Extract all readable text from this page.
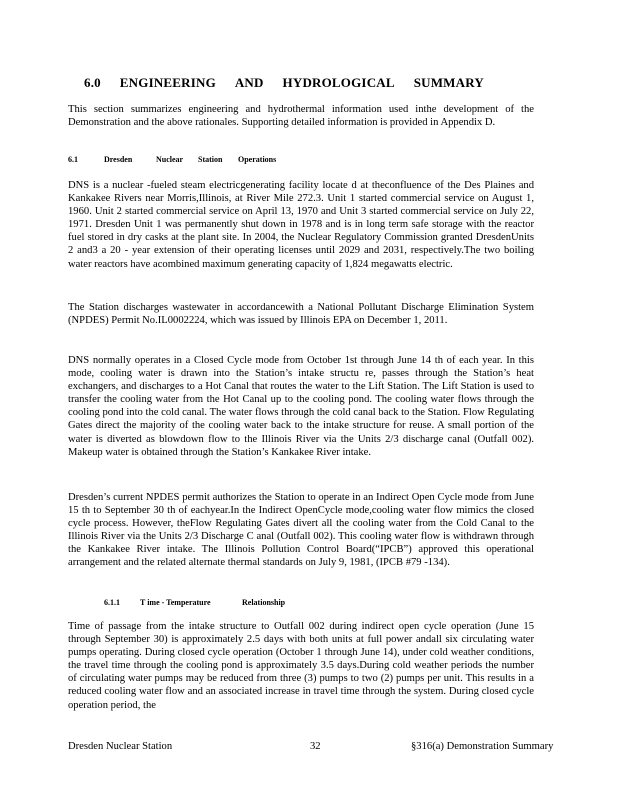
6.0 ENGINEERING AND HYDROLOGICAL SUMMARY

This section summarizes engineering and hydrothermal information used inthe development of the Demonstration and the above rationales. Supporting detailed information is provided in Appendix D.

6.1	Dresden	Nuclear	Station	Operations

DNS is a nuclear -fueled steam electricgenerating facility locate d at theconfluence of the Des Plaines and Kankakee Rivers near Morris,Illinois, at River Mile 272.3. Unit 1 started commercial service on August 1, 1960. Unit 2 started commercial service on April 13, 1970 and Unit 3 started commercial service on July 22, 1971. Dresden Unit 1 was permanently shut down in 1978 and is in long term safe storage with the reactor fuel stored in dry casks at the plant site. In 2004, the Nuclear Regulatory Commission granted DresdenUnits 2 and3 a 20 - year extension of their operating licenses until 2029 and 2031, respectively.The two boiling water reactors have acombined maximum generating capacity of 1,824 megawatts electric.

The Station discharges wastewater in accordancewith a National Pollutant Discharge Elimination System (NPDES) Permit No.IL0002224, which was issued by Illinois EPA on December 1, 2011.

DNS normally operates in a Closed Cycle mode from October 1st through June 14 th of each year. In this mode, cooling water is drawn into the Station’s intake structu re, passes through the Station’s heat exchangers, and discharges to a Hot Canal that routes the water to the Lift Station. The Lift Station is used to transfer the cooling water from the Hot Canal up to the cooling pond. The cooling water flows through the cooling pond into the cold canal. The water flows through the cold canal back to the Station. Flow Regulating Gates direct the majority of the cooling water back to the intake structure for reuse. A small portion of the water is diverted as blowdown flow to the Illinois River via the Units 2/3 discharge canal (Outfall 002). Makeup water is obtained through the Station’s Kankakee River intake.

Dresden’s current NPDES permit authorizes the Station to operate in an Indirect Open Cycle mode from June 15 th to September 30 th of eachyear.In the Indirect OpenCycle mode,cooling water flow mimics the closed cycle process. However, theFlow Regulating Gates divert all the cooling water from the Cold Canal to the Illinois River via the Units 2/3 Discharge C anal (Outfall 002). This cooling water flow is withdrawn through the Kankakee River intake. The Illinois Pollution Control Board(“IPCB”) approved this operational arrangement and the related alternate thermal standards on July 9, 1981, (IPCB #79 -134).

6.1.1	T ime - Temperature	Relationship

Time of passage from the intake structure to Outfall 002 during indirect open cycle operation (June 15 through September 30) is approximately 2.5 days with both units at full power andall six circulating water pumps operating. During closed cycle operation (October 1 through June 14), under cold weather conditions, the travel time through the cooling pond is approximately 3.5 days.During cold weather periods the number of circulating water pumps may be reduced from three (3) pumps to two (2) pumps per unit. This results in a reduced cooling water flow and an associated increase in travel time through the system. During closed cycle operation period, the

Dresden Nuclear Station	32	§316(a) Demonstration Summary
